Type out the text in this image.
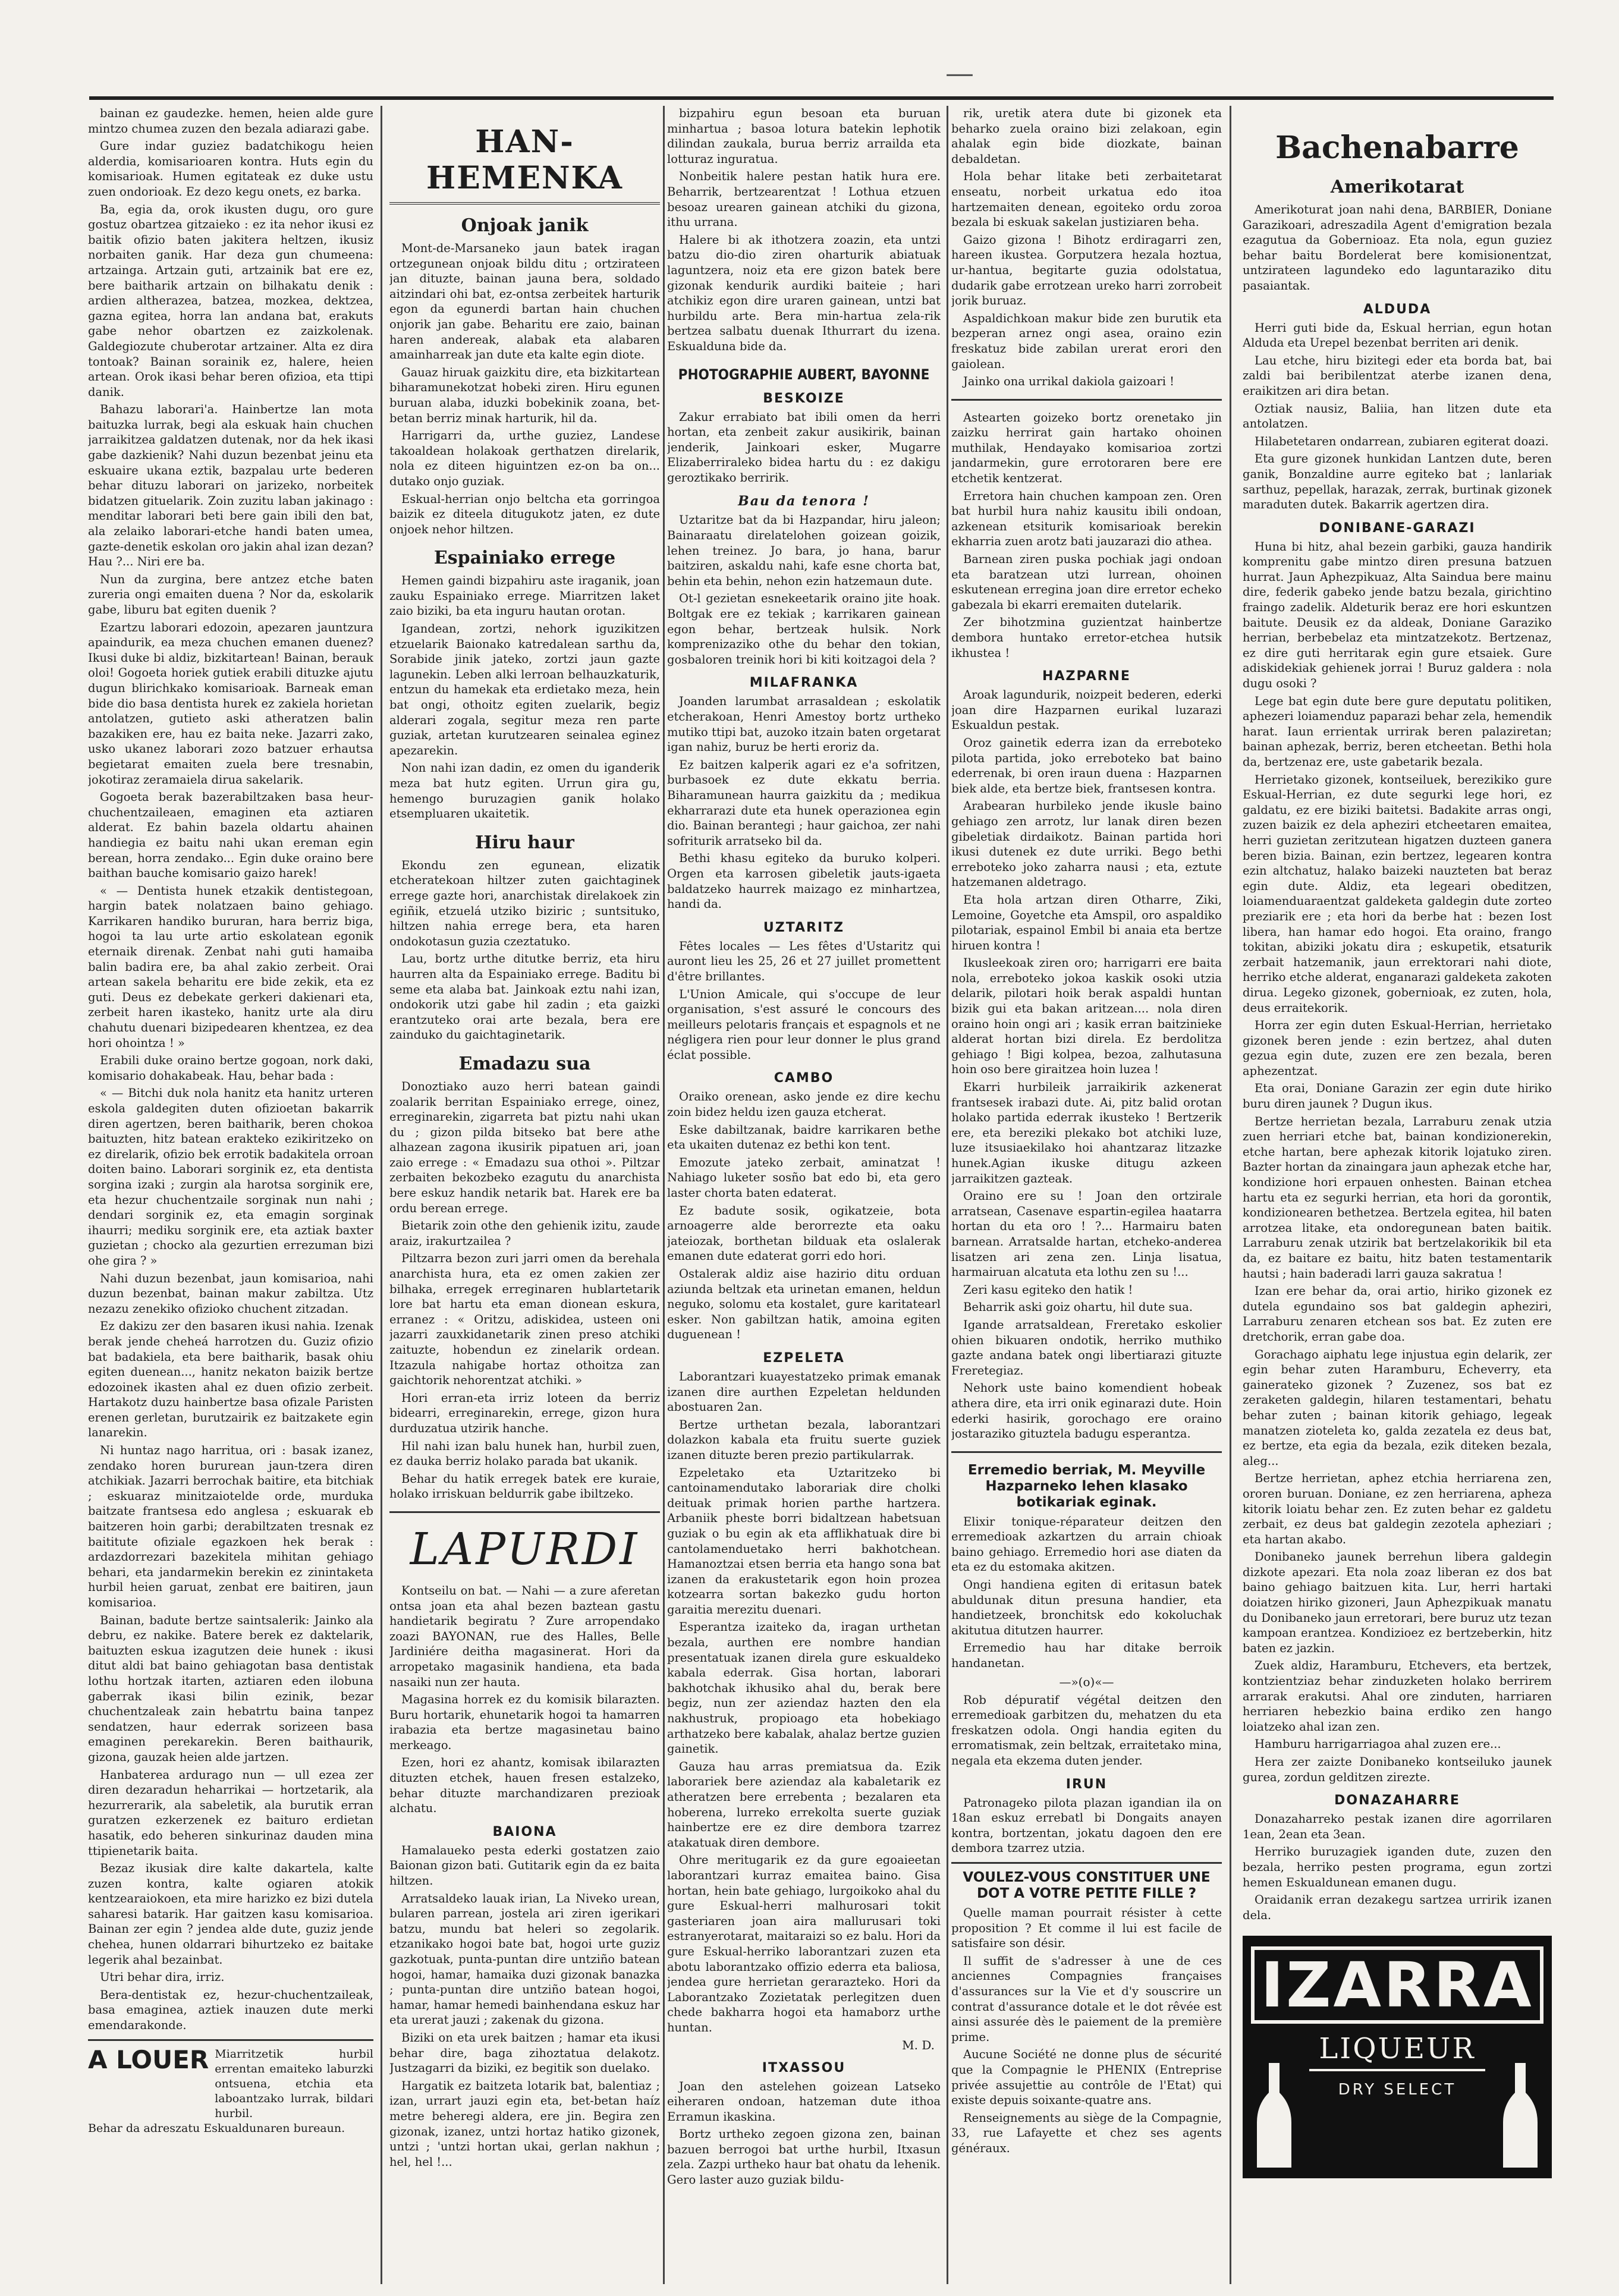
—

bainan ez gaudezke. hemen, heien alde gure mintzo chumea zuzen den bezala adiarazi gabe.

Gure indar guziez badatchikogu heien alderdia, komisarioaren kontra. Huts egin du komisarioak. Humen egitateak ez duke ustu zuen ondorioak. Ez dezo kegu onets, ez barka.

Ba, egia da, orok ikusten dugu, oro gure gostuz obartzea gitzaieko : ez ita nehor ikusi ez baitik ofizio baten jakitera heltzen, ikusiz norbaiten ganik. Har deza gun chumeena: artzainga. Artzain guti, artzainik bat ere ez, bere baitharik artzain on bilhakatu denik : ardien altherazea, batzea, mozkea, dektzea, gazna egitea, horra lan andana bat, erakuts gabe nehor obartzen ez zaizkolenak. Galdegiozute chuberotar artzainer. Alta ez dira tontoak? Bainan sorainik ez, halere, heien artean. Orok ikasi behar beren ofizioa, eta ttipi danik.

Bahazu laborari'a. Hainbertze lan mota baituzka lurrak, begi ala eskuak hain chuchen jarraikitzea galdatzen dutenak, nor da hek ikasi gabe dazkienik? Nahi duzun bezenbat jeinu eta eskuaire ukana eztik, bazpalau urte bederen behar dituzu laborari on jarizeko, norbeitek bidatzen gituelarik. Zoin zuzitu laban jakinago : menditar laborari beti bere gain ibili den bat, ala zelaiko laborari-etche handi baten umea, gazte-denetik eskolan oro jakin ahal izan dezan? Hau ?... Niri ere ba.

Nun da zurgina, bere antzez etche baten zureria ongi emaiten duena ? Nor da, eskolarik gabe, liburu bat egiten duenik ?

Ezartzu laborari edozoin, apezaren jauntzura apaindurik, ea meza chuchen emanen duenez? Ikusi duke bi aldiz, bizkitartean! Bainan, berauk oloi! Gogoeta horiek gutiek erabili dituzke ajutu dugun blirichkako komisarioak. Barneak eman bide dio basa dentista hurek ez zakiela horietan antolatzen, gutieto aski atheratzen balin bazakiken ere, hau ez baita neke. Jazarri zako, usko ukanez laborari zozo batzuer erhautsa begietarat emaiten zuela bere tresnabin, jokotiraz zeramaiela dirua sakelarik.

Gogoeta berak bazerabiltzaken basa heur-chuchentzaileaen, emaginen eta aztiaren alderat. Ez bahin bazela oldartu ahainen handiegia ez baitu nahi ukan ereman egin berean, horra zendako... Egin duke oraino bere baithan bauche komisario gaizo harek!

« — Dentista hunek etzakik dentistegoan, hargin batek nolatzaen baino gehiago. Karrikaren handiko bururan, hara berriz biga, hogoi ta lau urte artio eskolatean egonik eternaik direnak. Zenbat nahi guti hamaiba balin badira ere, ba ahal zakio zerbeit. Orai artean sakela beharitu ere bide zekik, eta ez guti. Deus ez debekate gerkeri dakienari eta, zerbeit haren ikasteko, hanitz urte ala diru chahutu duenari bizipedearen khentzea, ez dea hori ohointza ! »

Erabili duke oraino bertze gogoan, nork daki, komisario dohakabeak. Hau, behar bada :

« — Bitchi duk nola hanitz eta hanitz urteren eskola galdegiten duten ofizioetan bakarrik diren agertzen, beren baitharik, beren chokoa baituzten, hitz batean erakteko ezikiritzeko on ez direlarik, ofizio bek errotik badakitela orroan doiten baino. Laborari sorginik ez, eta dentista sorgina izaki ; zurgin ala harotsa sorginik ere, eta hezur chuchentzaile sorginak nun nahi ; dendari sorginik ez, eta emagin sorginak ihaurri; mediku sorginik ere, eta aztiak baxter guzietan ; chocko ala gezurtien errezuman bizi ohe gira ? »

Nahi duzun bezenbat, jaun komisarioa, nahi duzun bezenbat, bainan makur zabiltza. Utz nezazu zenekiko ofizioko chuchent zitzadan.

Ez dakizu zer den basaren ikusi nahia. Izenak berak jende cheheá harrotzen du. Guziz ofizio bat badakiela, eta bere baitharik, basak ohiu egiten duenean..., hanitz nekaton baizik bertze edozoinek ikasten ahal ez duen ofizio zerbeit. Hartakotz duzu hainbertze basa ofizale Paristen erenen gerletan, burutzairik ez baitzakete egin lanarekin.

Ni huntaz nago harritua, ori : basak izanez, zendako horen bururean jaun-tzera diren atchikiak. Jazarri berrochak baitire, eta bitchiak ; eskuaraz minitzaiotelde orde, murduka baitzate frantsesa edo anglesa ; eskuarak eb baitzeren hoin garbi; derabiltzaten tresnak ez baititute ofiziale egazkoen hek berak : ardazdorrezari bazekitela mihitan gehiago behari, eta jandarmekin berekin ez zinintaketa hurbil heien garuat, zenbat ere baitiren, jaun komisarioa.

Bainan, badute bertze saintsalerik: Jainko ala debru, ez nakike. Batere berek ez daktelarik, baituzten eskua izagutzen deie hunek : ikusi ditut aldi bat baino gehiagotan basa dentistak lothu hortzak itarten, aztiaren eden ilobuna gaberrak ikasi bilin ezinik, bezar chuchentzaleak zain hebatrtu baina tanpez sendatzen, haur ederrak sorizeen basa emaginen perekarekin. Beren baithaurik, gizona, gauzak heien alde jartzen.

Hanbaterea ardurago nun — ull ezea zer diren dezaradun heharrikai — hortzetarik, ala hezurrerarik, ala sabeletik, ala burutik erran guratzen ezkerzenek ez baituro erdietan hasatik, edo beheren sinkurinaz dauden mina ttipienetarik baita.

Bezaz ikusiak dire kalte dakartela, kalte zuzen kontra, kalte ogiaren atokik kentzearaiokoen, eta mire harizko ez bizi dutela saharesi batarik. Har gaitzen kasu komisarioa. Bainan zer egin ? jendea alde dute, guziz jende chehea, hunen oldarrari bihurtzeko ez baitake legerik ahal bezainbat.

Utri behar dira, irriz.

Bera-dentistak ez, hezur-chuchentzaileak, basa emaginea, aztiek inauzen dute merki emendarakonde.

A LOUER Miarritzetik hurbil errentan emaiteko laburzki ontsuena, etchia eta laboantzako lurrak, bildari hurbil.

Behar da adreszatu Eskualdunaren bureaun.

HAN-HEMENKA
Onjoak janik

Mont-de-Marsaneko jaun batek iragan ortzegunean onjoak bildu ditu ; ortzirateen jan dituzte, bainan jauna bera, soldado aitzindari ohi bat, ez-ontsa zerbeitek harturik egon da egunerdi bartan hain chuchen onjorik jan gabe. Beharitu ere zaio, bainan haren andereak, alabak eta alabaren amainharreak jan dute eta kalte egin diote.

Gauaz hiruak gaizkitu dire, eta bizkitartean biharamunekotzat hobeki ziren. Hiru egunen buruan alaba, iduzki bobekinik zoana, bet-betan berriz minak harturik, hil da.

Harrigarri da, urthe guziez, Landese takoaldean holakoak gerthatzen direlarik, nola ez diteen higuintzen ez-on ba on... dutako onjo guziak.

Eskual-herrian onjo beltcha eta gorringoa baizik ez diteela ditugukotz jaten, ez dute onjoek nehor hiltzen.

Espainiako errege

Hemen gaindi bizpahiru aste iraganik, joan zauku Espainiako errege. Miarritzen laket zaio biziki, ba eta inguru hautan orotan.

Igandean, zortzi, nehork iguzikitzen etzuelarik Baionako katredalean sarthu da, Sorabide jinik jateko, zortzi jaun gazte lagunekin. Leben alki lerroan belhauzkaturik, entzun du hamekak eta erdietako meza, hein bat ongi, othoitz egiten zuelarik, begiz alderari zogala, segitur meza ren parte guziak, artetan kurutzearen seinalea eginez apezarekin.

Non nahi izan dadin, ez omen du iganderik meza bat hutz egiten. Urrun gira gu, hemengo buruzagien ganik holako etsempluaren ukaitetik.

Hiru haur

Ekondu zen egunean, elizatik etcheratekoan hiltzer zuten gaichtaginek errege gazte hori, anarchistak direlakoek zin egiñik, etzuelá utziko biziric ; suntsituko, hiltzen nahia errege bera, eta haren ondokotasun guzia czeztatuko.

Lau, bortz urthe ditutke berriz, eta hiru haurren alta da Espainiako errege. Baditu bi seme eta alaba bat. Jainkoak eztu nahi izan, ondokorik utzi gabe hil zadin ; eta gaizki erantzuteko orai arte bezala, bera ere zainduko du gaichtaginetarik.

Emadazu sua

Donoztiako auzo herri batean gaindi zoalarik berritan Espainiako errege, oinez, erreginarekin, zigarreta bat piztu nahi ukan du ; gizon pilda bitseko bat bere athe alhazean zagona ikusirik pipatuen ari, joan zaio errege : « Emadazu sua othoi ». Piltzar zerbaiten bekozbeko ezagutu du anarchista bere eskuz handik netarik bat. Harek ere ba ordu berean errege.

Bietarik zoin othe den gehienik izitu, zaude araiz, irakurtzailea ?

Piltzarra bezon zuri jarri omen da berehala anarchista hura, eta ez omen zakien zer bilhaka, erregek erreginaren hublartetarik lore bat hartu eta eman dionean eskura, erranez : « Oritzu, adiskidea, usteen oni jazarri zauxkidanetarik zinen preso atchiki zaituzte, hobendun ez zinelarik ordean. Itzazula nahigabe hortaz othoitza zan gaichtorik nehorentzat atchiki. »

Hori erran-eta irriz loteen da berriz bidearri, erreginarekin, errege, gizon hura durduzatua utzirik hanche.

Hil nahi izan balu hunek han, hurbil zuen, ez dauka berriz holako parada bat ukanik.

Behar du hatik erregek batek ere kuraie, holako irriskuan beldurrik gabe ibiltzeko.

LAPURDI

Kontseilu on bat. — Nahi — a zure aferetan ontsa joan eta ahal bezen baztean gastu handietarik begiratu ? Zure arropendako zoazi BAYONAN, rue des Halles, Belle Jardiniére deitha magasinerat. Hori da arropetako magasinik handiena, eta bada nasaiki nun zer hauta.

Magasina horrek ez du komisik bilarazten. Buru hortarik, ehunetarik hogoi ta hamarren irabazia eta bertze magasinetau baino merkeago.

Ezen, hori ez ahantz, komisak ibilarazten dituzten etchek, hauen fresen estalzeko, behar dituzte marchandizaren prezioak alchatu.

BAIONA

Hamalaueko pesta ederki gostatzen zaio Baionan gizon bati. Gutitarik egin da ez baita hiltzen.

Arratsaldeko lauak irian, La Niveko urean, bularen parrean, jostela ari ziren igerikari batzu, mundu bat heleri so zegolarik. etzanikako hogoi bate bat, hogoi urte guziz gazkotuak, punta-puntan dire untziño batean hogoi, hamar, hamaika duzi gizonak banazka ; punta-puntan dire untziño batean hogoi, hamar, hamar hemedi bainhendana eskuz har eta urerat jauzi ; zakenak du gizona.

Biziki on eta urek baitzen ; hamar eta ikusi behar dire, baga zihoztatua delakotz. Justzagarri da biziki, ez begitik son duelako.

Hargatik ez baitzeta lotarik bat, balentiaz ; izan, urrart jauzi egin eta, bet-betan haíz metre beheregi aldera, ere jin. Begira zen gizonak, izanez, untzi hortaz hatiko gizonek, untzi ; 'untzi hortan ukai, gerlan nakhun ; hel, hel !...

bizpahiru egun besoan eta buruan minhartua ; basoa lotura batekin lephotik dilindan zaukala, burua berriz arrailda eta lotturaz inguratua.

Nonbeitik halere pestan hatik hura ere. Beharrik, bertzearentzat ! Lothua etzuen besoaz urearen gainean atchiki du gizona, ithu urrana.

Halere bi ak ithotzera zoazin, eta untzi batzu dio-dio ziren oharturik abiatuak laguntzera, noiz eta ere gizon batek bere gizonak kendurik aurdiki baiteie ; hari atchikiz egon dire uraren gainean, untzi bat hurbildu arte. Bera min-hartua zela-rik bertzea salbatu duenak Ithurrart du izena. Eskualduna bide da.

PHOTOGRAPHIE AUBERT, BAYONNE
BESKOIZE

Zakur errabiato bat ibili omen da herri hortan, eta zenbeit zakur ausikirik, bainan jenderik, Jainkoari esker, Mugarre Elizaberriraleko bidea hartu du : ez dakigu geroztikako berririk.

Bau da tenora !

Uztaritze bat da bi Hazpandar, hiru jaleon; Bainaraatu direlatelohen goizean goizik, lehen treinez. Jo bara, jo hana, barur baitziren, askaldu nahi, kafe esne chorta bat, behin eta behin, nehon ezin hatzemaun dute.

Ot-l gezietan esnekeetarik oraino jite hoak. Boltgak ere ez tekiak ; karrikaren gainean egon behar, bertzeak hulsik. Nork komprenizaziko othe du behar den tokian, gosbaloren treinik hori bi kiti koitzagoi dela ?

MILAFRANKA

Joanden larumbat arrasaldean ; eskolatik etcherakoan, Henri Amestoy bortz urtheko mutiko ttipi bat, auzoko itzain baten orgetarat igan nahiz, buruz be herti eroriz da.

Ez baitzen kalperik agari ez e'a sofritzen, burbasoek ez dute ekkatu berria. Biharamunean haurra gaizkitu da ; medikua ekharrarazi dute eta hunek operazionea egin dio. Bainan berantegi ; haur gaichoa, zer nahi sofriturik arratseko bil da.

Bethi khasu egiteko da buruko kolperi. Orgen eta karrosen gibeletik jauts-igaeta baldatzeko haurrek maizago ez minhartzea, handi da.

UZTARITZ

Fêtes locales — Les fêtes d'Ustaritz qui auront lieu les 25, 26 et 27 juillet promettent d'être brillantes.

L'Union Amicale, qui s'occupe de leur organisation, s'est assuré le concours des meilleurs pelotaris français et espagnols et ne négligera rien pour leur donner le plus grand éclat possible.

CAMBO

Oraiko orenean, asko jende ez dire kechu zoin bidez heldu izen gauza etcherat.

Eske dabiltzanak, baidre karrikaren bethe eta ukaiten dutenaz ez bethi kon tent.

Emozute jateko zerbait, aminatzat ! Nahiago luketer sosño bat edo bi, eta gero laster chorta baten edaterat.

Ez badute sosik, ogikatzeie, bota arnoagerre alde berorrezte eta oaku jateiozak, borthetan bilduak eta oslalerak emanen dute edaterat gorri edo hori.

Ostalerak aldiz aise hazirio ditu orduan aziunda beltzak eta urinetan emanen, heldun neguko, solomu eta kostalet, gure karitatearl esker. Non gabiltzan hatik, amoina egiten duguenean !

EZPELETA

Laborantzari kuayestatzeko primak emanak izanen dire aurthen Ezpeletan heldunden abostuaren 2an.

Bertze urthetan bezala, laborantzari dolazkon kabala eta fruitu suerte guziek izanen dituzte beren prezio partikularrak.

Ezpeletako eta Uztaritzeko bi cantoinamendutako laborariak dire cholki deituak primak horien parthe hartzera. Arbaniik pheste borri bidaltzean habetsuan guziak o bu egin ak eta afflikhatuak dire bi cantolamenduetako herri bakhotchean. Hamanoztzai etsen berria eta hango sona bat izanen da erakustetarik egon hoin prozea kotzearra sortan bakezko gudu horton garaitia merezitu duenari.

Esperantza izaiteko da, iragan urthetan bezala, aurthen ere nombre handian presentatuak izanen direla gure eskualdeko kabala ederrak. Gisa hortan, laborari bakhotchak ikhusiko ahal du, berak bere begiz, nun zer aziendaz hazten den ela nakhustruk, propioago eta hobekiago arthatzeko bere kabalak, ahalaz bertze guzien gainetik.

Gauza hau arras premiatsua da. Ezik laborariek bere aziendaz ala kabaletarik ez atheratzen bere errebenta ; bezalaren eta hoberena, lurreko errekolta suerte guziak hainbertze ere ez dire dembora tzarrez atakatuak diren dembore.

Ohre meritugarik ez da gure egoaieetan laborantzari kurraz emaitea baino. Gisa hortan, hein bate gehiago, lurgoikoko ahal du gure Eskual-herri malhurosari tokit gasteriaren joan aira mallurusari toki estranyerotarat, maitaraizi so ez balu. Hori da gure Eskual-herriko laborantzari zuzen eta abotu laborantzako offizio ederra eta baliosa, jendea gure herrietan gerarazteko. Hori da Laborantzako Zozietatak perlegitzen duen chede bakharra hogoi eta hamaborz urthe huntan.

M. D.
ITXASSOU

Joan den astelehen goizean Latseko eiheraren ondoan, hatzeman dute ithoa Erramun ikaskina.

Bortz urtheko zegoen gizona zen, bainan bazuen berrogoi bat urthe hurbil, Itxasun zela. Zazpi urtheko haur bat ohatu da lehenik. Gero laster auzo guziak bildu-

rik, uretik atera dute bi gizonek eta beharko zuela oraino bizi zelakoan, egin ahalak egin bide diozkate, bainan debaldetan.

Hola behar litake beti zerbaitetarat enseatu, norbeit urkatua edo itoa hartzemaiten denean, egoiteko ordu zoroa bezala bi eskuak sakelan justiziaren beha.

Gaizo gizona ! Bihotz erdiragarri zen, hareen ikustea. Gorputzera hezala hoztua, ur-hantua, begitarte guzia odolstatua, dudarik gabe errotzean ureko harri zorrobeit jorik buruaz.

Aspaldichkoan makur bide zen burutik eta bezperan arnez ongi asea, oraino ezin freskatuz bide zabilan urerat erori den gaiolean.

Jainko ona urrikal dakiola gaizoari !

Astearten goizeko bortz orenetako jin zaizku herrirat gain hartako ohoinen muthilak, Hendayako komisarioa zortzi jandarmekin, gure errotoraren bere ere etchetik kentzerat.

Erretora hain chuchen kampoan zen. Oren bat hurbil hura nahiz kausitu ibili ondoan, azkenean etsiturik komisarioak berekin ekharria zuen arotz bati jauzarazi dio athea.

Barnean ziren puska pochiak jagi ondoan eta baratzean utzi lurrean, ohoinen eskutenean erregina joan dire erretor echeko gabezala bi ekarri eremaiten dutelarik.

Zer bihotzmina guzientzat hainbertze dembora huntako erretor-etchea hutsik ikhustea !

HAZPARNE

Aroak lagundurik, noizpeit bederen, ederki joan dire Hazparnen eurikal luzarazi Eskualdun pestak.

Oroz gainetik ederra izan da erreboteko pilota partida, joko erreboteko bat baino ederrenak, bi oren iraun duena : Hazparnen biek alde, eta bertze biek, frantsesen kontra.

Arabearan hurbileko jende ikusle baino gehiago zen arrotz, lur lanak diren bezen gibeletiak dirdaikotz. Bainan partida hori ikusi dutenek ez dute urriki. Bego bethi erreboteko joko zaharra nausi ; eta, eztute hatzemanen aldetrago.

Eta hola artzan diren Otharre, Ziki, Lemoine, Goyetche eta Amspil, oro aspaldiko pilotariak, espainol Embil bi anaia eta bertze hiruen kontra !

Ikusleekoak ziren oro; harrigarri ere baita nola, erreboteko jokoa kaskik osoki utzia delarik, pilotari hoik berak aspaldi huntan bizik gui eta bakan aritzean.... nola diren oraino hoin ongi ari ; kasik erran baitzinieke alderat hortan bizi direla. Ez berdolitza gehiago ! Bigi kolpea, bezoa, zalhutasuna hoin oso bere giraitzea hoin luzea !

Ekarri hurbileik jarraikirik azkenerat frantsesek irabazi dute. Ai, pitz balid orotan holako partida ederrak ikusteko ! Bertzerik ere, eta bereziki plekako bot atchiki luze, luze itsusiaekilako hoi ahantzaraz litzazke hunek.Agian ikuske ditugu azkeen jarraikitzen gazteak.

Oraino ere su ! Joan den ortzirale arratsean, Casenave espartin-egilea haatarra hortan du eta oro ! ?... Harmairu baten barnean. Arratsalde hartan, etcheko-anderea lisatzen ari zena zen. Linja lisatua, harmairuan alcatuta eta lothu zen su !...

Zeri kasu egiteko den hatik !

Beharrik aski goiz ohartu, hil dute sua.

Igande arratsaldean, Freretako eskolier ohien bikuaren ondotik, herriko muthiko gazte andana batek ongi libertiarazi gituzte Freretegiaz.

Nehork uste baino komendient hobeak athera dire, eta irri onik eginarazi dute. Hoin ederki hasirik, gorochago ere oraino jostaraziko gituztela badugu esperantza.

Erremedio berriak, M. Meyville Hazparneko lehen klasako botikariak eginak.

Elixir tonique-réparateur deitzen den erremedioak azkartzen du arrain chioak baino gehiago. Erremedio hori ase diaten da eta ez du estomaka akitzen.

Ongi handiena egiten di eritasun batek abuldunak ditun presuna handier, eta handietzeek, bronchitsk edo kokoluchak akitutua ditutzen haurrer.

Erremedio hau har ditake berroik handanetan.

—»(o)«—

Rob dépuratif végétal deitzen den erremedioak garbitzen du, mehatzen du eta freskatzen odola. Ongi handia egiten du erromatismak, zein beltzak, erraitetako mina, negala eta ekzema duten jender.

IRUN

Patronageko pilota plazan igandian ila on 18an eskuz errebatl bi Dongaits anayen kontra, bortzentan, jokatu dagoen den ere dembora tzarrez utzia.

VOULEZ-VOUS CONSTITUER UNE DOT A VOTRE PETITE FILLE ?

Quelle maman pourrait résister à cette proposition ? Et comme il lui est facile de satisfaire son désir.

Il suffit de s'adresser à une de ces anciennes Compagnies françaises d'assurances sur la Vie et d'y souscrire un contrat d'assurance dotale et le dot rêvée est ainsi assurée dès le paiement de la première prime.

Aucune Société ne donne plus de sécurité que la Compagnie le PHENIX (Entreprise privée assujettie au contrôle de l'Etat) qui existe depuis soixante-quatre ans.

Renseignements au siège de la Compagnie, 33, rue Lafayette et chez ses agents généraux.

Bachenabarre
Amerikotarat

Amerikoturat joan nahi dena, BARBIER, Doniane Garazikoari, adreszadila Agent d'emigration bezala ezagutua da Gobernioaz. Eta nola, egun guziez behar baitu Bordelerat bere komisionentzat, untzirateen lagundeko edo laguntaraziko ditu pasaiantak.

ALDUDA

Herri guti bide da, Eskual herrian, egun hotan Alduda eta Urepel bezenbat berriten ari denik.

Lau etche, hiru bizitegi eder eta borda bat, bai zaldi bai beribilentzat aterbe izanen dena, eraikitzen ari dira betan.

Oztiak nausiz, Baliia, han litzen dute eta antolatzen.

Hilabetetaren ondarrean, zubiaren egiterat doazi.

Eta gure gizonek hunkidan Lantzen dute, beren ganik, Bonzaldine aurre egiteko bat ; lanlariak sarthuz, pepellak, harazak, zerrak, burtinak gizonek maraduten dutek. Bakarrik agertzen dira.

DONIBANE-GARAZI

Huna bi hitz, ahal bezein garbiki, gauza handirik komprenitu gabe mintzo diren presuna batzuen hurrat. Jaun Aphezpikuaz, Alta Saindua bere mainu dire, federik gabeko jende batzu bezala, girichtino fraingo zadelik. Aldeturik beraz ere hori eskuntzen baitute. Deusik ez da aldeak, Doniane Garaziko herrian, berbebelaz eta mintzatzekotz. Bertzenaz, ez dire guti herritarak egin gure etsaiek. Gure adiskidekiak gehienek jorrai ! Buruz galdera : nola dugu osoki ?

Lege bat egin dute bere gure deputatu politiken, aphezeri loiamenduz paparazi behar zela, hemendik harat. Iaun errientak urrirak beren palaziretan; bainan aphezak, berriz, beren etcheetan. Bethi hola da, bertzenaz ere, uste gabetarik bezala.

Herrietako gizonek, kontseiluek, berezikiko gure Eskual-Herrian, ez dute segurki lege hori, ez galdatu, ez ere biziki baitetsi. Badakite arras ongi, zuzen baizik ez dela apheziri etcheetaren emaitea, herri guzietan zeritzutean higatzen duzteen ganera beren bizia. Bainan, ezin bertzez, legearen kontra ezin altchatuz, halako baizeki nauzteten bat beraz egin dute. Aldiz, eta legeari obeditzen, loiamenduaraentzat galdeketa galdegin dute zorteo preziarik ere ; eta hori da berbe hat : bezen Iost libera, han hamar edo hogoi. Eta oraino, frango tokitan, abiziki jokatu dira ; eskupetik, etsaturik zerbait hatzemanik, jaun errektorari nahi diote, herriko etche alderat, enganarazi galdeketa zakoten dirua. Legeko gizonek, gobernioak, ez zuten, hola, deus erraitekorik.

Horra zer egin duten Eskual-Herrian, herrietako gizonek beren jende : ezin bertzez, ahal duten gezua egin dute, zuzen ere zen bezala, beren aphezentzat.

Eta orai, Doniane Garazin zer egin dute hiriko buru diren jaunek ? Dugun ikus.

Bertze herrietan bezala, Larraburu zenak utzia zuen herriari etche bat, bainan kondizionerekin, etche hartan, bere aphezak kitorik lojatuko ziren. Bazter hortan da zinaingara jaun aphezak etche har, kondizione hori erpauen onhesten. Bainan etchea hartu eta ez segurki herrian, eta hori da gorontik, kondizionearen bethetzea. Bertzela egitea, hil baten arrotzea litake, eta ondoregunean baten baitik. Larraburu zenak utzirik bat bertzelakorikik bil eta da, ez baitare ez baitu, hitz baten testamentarik hautsi ; hain baderadi larri gauza sakratua !

Izan ere behar da, orai artio, hiriko gizonek ez dutela egundaino sos bat galdegin apheziri, Larraburu zenaren etchean sos bat. Ez zuten ere dretchorik, erran gabe doa.

Gorachago aiphatu lege injustua egin delarik, zer egin behar zuten Haramburu, Echeverry, eta gainerateko gizonek ? Zuzenez, sos bat ez zeraketen galdegin, hilaren testamentari, behatu behar zuten ; bainan kitorik gehiago, legeak manatzen zioteleta ko, galda zezatela ez deus bat, ez bertze, eta egia da bezala, ezik diteken bezala, aleg...

Bertze herrietan, aphez etchia herriarena zen, ororen buruan. Doniane, ez zen herriarena, apheza kitorik loiatu behar zen. Ez zuten behar ez galdetu zerbait, ez deus bat galdegin zezotela apheziari ; eta hartan akabo.

Donibaneko jaunek berrehun libera galdegin dizkote apezari. Eta nola zoaz liberan ez dos bat baino gehiago baitzuen kita. Lur, herri hartaki doiatzen hiriko gizoneri, Jaun Aphezpikuak manatu du Donibaneko jaun erretorari, bere buruz utz tezan kampoan erantzea. Kondizioez ez bertzeberkin, hitz baten ez jazkin.

Zuek aldiz, Haramburu, Etchevers, eta bertzek, kontzientziaz behar zinduzketen holako berrirem arrarak erakutsi. Ahal ore zinduten, harriaren herriaren hebezkio baina erdiko zen hango loiatzeko ahal izan zen.

Hamburu harrigarriagoa ahal zuzen ere...

Hera zer zaizte Donibaneko kontseiluko jaunek gurea, zordun gelditzen zirezte.

DONAZAHARRE

Donazaharreko pestak izanen dire agorrilaren 1ean, 2ean eta 3ean.

Herriko buruzagiek iganden dute, zuzen den bezala, herriko pesten programa, egun zortzi hemen Eskualdunean emanen dugu.

Oraidanik erran dezakegu sartzea urririk izanen dela.

IZARRA
LIQUEUR
DRY SELECT
